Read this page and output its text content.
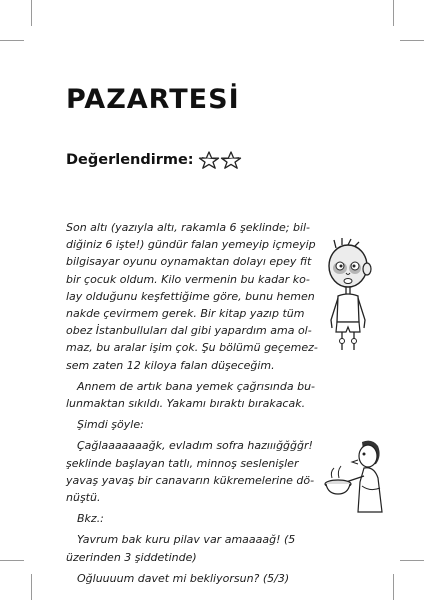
PAZARTESİ
Değerlendirme:
Son altı (yazıyla altı, rakamla 6 şeklinde; bil-
diğiniz 6 işte!) gündür falan yemeyip içmeyip
bilgisayar oyunu oynamaktan dolayı epey fit
bir çocuk oldum. Kilo vermenin bu kadar ko-
lay olduğunu keşfettiğime göre, bunu hemen
nakde çevirmem gerek. Bir kitap yazıp tüm
obez İstanbulluları dal gibi yapardım ama ol-
maz, bu aralar işim çok. Şu bölümü geçemez-
sem zaten 12 kiloya falan düşeceğim.
Annem de artık bana yemek çağrısında bu-
lunmaktan sıkıldı. Yakamı bıraktı bırakacak.
Şimdi şöyle:
Çağlaaaaaaağk, evladım sofra hazııığğğğr!
şeklinde başlayan tatlı, minnoş seslenişler
yavaş yavaş bir canavarın kükremelerine dö-
nüştü.
Bkz.:
Yavrum bak kuru pilav var amaaaağ! (5
üzerinden 3 şiddetinde)
Oğluuuum davet mi bekliyorsun? (5/3)
